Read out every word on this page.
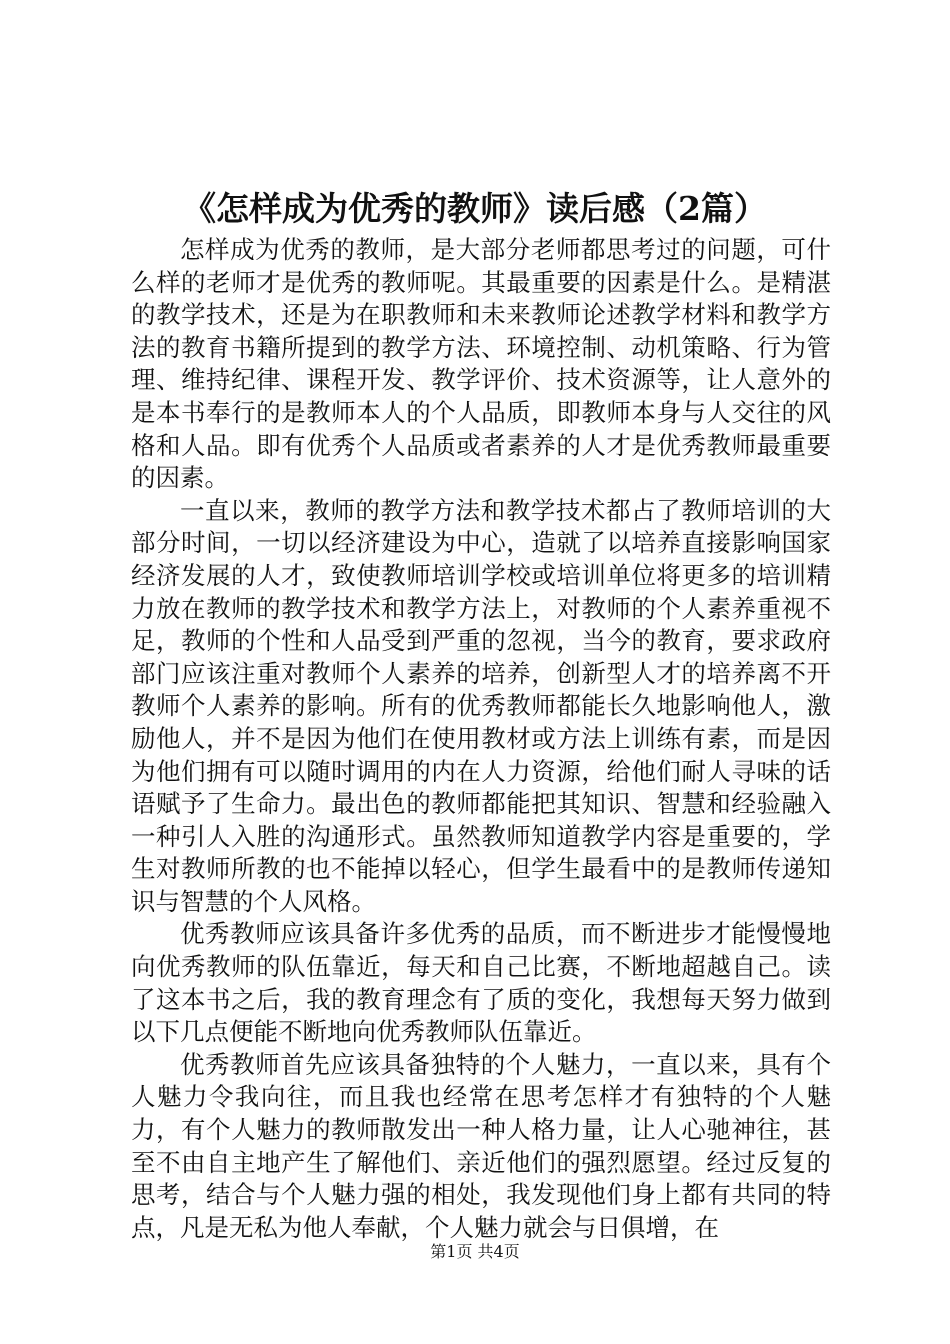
《怎样成为优秀的教师》读后感（2篇）

怎样成为优秀的教师，是大部分老师都思考过的问题，可什么样的老师才是优秀的教师呢。其最重要的因素是什么。是精湛的教学技术，还是为在职教师和未来教师论述教学材料和教学方法的教育书籍所提到的教学方法、环境控制、动机策略、行为管理、维持纪律、课程开发、教学评价、技术资源等，让人意外的是本书奉行的是教师本人的个人品质，即教师本身与人交往的风格和人品。即有优秀个人品质或者素养的人才是优秀教师最重要的因素。

一直以来，教师的教学方法和教学技术都占了教师培训的大部分时间，一切以经济建设为中心，造就了以培养直接影响国家经济发展的人才，致使教师培训学校或培训单位将更多的培训精力放在教师的教学技术和教学方法上，对教师的个人素养重视不足，教师的个性和人品受到严重的忽视，当今的教育，要求政府部门应该注重对教师个人素养的培养，创新型人才的培养离不开教师个人素养的影响。所有的优秀教师都能长久地影响他人，激励他人，并不是因为他们在使用教材或方法上训练有素，而是因为他们拥有可以随时调用的内在人力资源，给他们耐人寻味的话语赋予了生命力。最出色的教师都能把其知识、智慧和经验融入一种引人入胜的沟通形式。虽然教师知道教学内容是重要的，学生对教师所教的也不能掉以轻心，但学生最看中的是教师传递知识与智慧的个人风格。

优秀教师应该具备许多优秀的品质，而不断进步才能慢慢地向优秀教师的队伍靠近，每天和自己比赛，不断地超越自己。读了这本书之后，我的教育理念有了质的变化，我想每天努力做到以下几点便能不断地向优秀教师队伍靠近。

优秀教师首先应该具备独特的个人魅力，一直以来，具有个人魅力令我向往，而且我也经常在思考怎样才有独特的个人魅力，有个人魅力的教师散发出一种人格力量，让人心驰神往，甚至不由自主地产生了解他们、亲近他们的强烈愿望。经过反复的思考，结合与个人魅力强的相处，我发现他们身上都有共同的特点，凡是无私为他人奉献，个人魅力就会与日俱增，在

第1页 共4页
